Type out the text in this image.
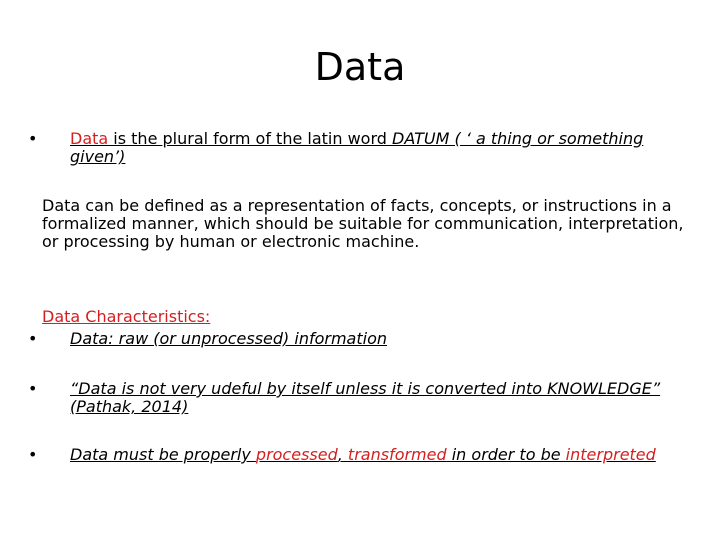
Data
•	Data is the plural form of the latin word DATUM ( ‘ a thing or something given’)
Data can be defined as a representation of facts, concepts, or instructions in a formalized manner, which should be suitable for communication, interpretation, or processing by human or electronic machine.
Data Characteristics:
•	Data: raw (or unprocessed) information
•	“Data is not very udeful by itself unless it is converted into KNOWLEDGE” (Pathak, 2014)
•	Data must be properly processed, transformed in order to be interpreted
